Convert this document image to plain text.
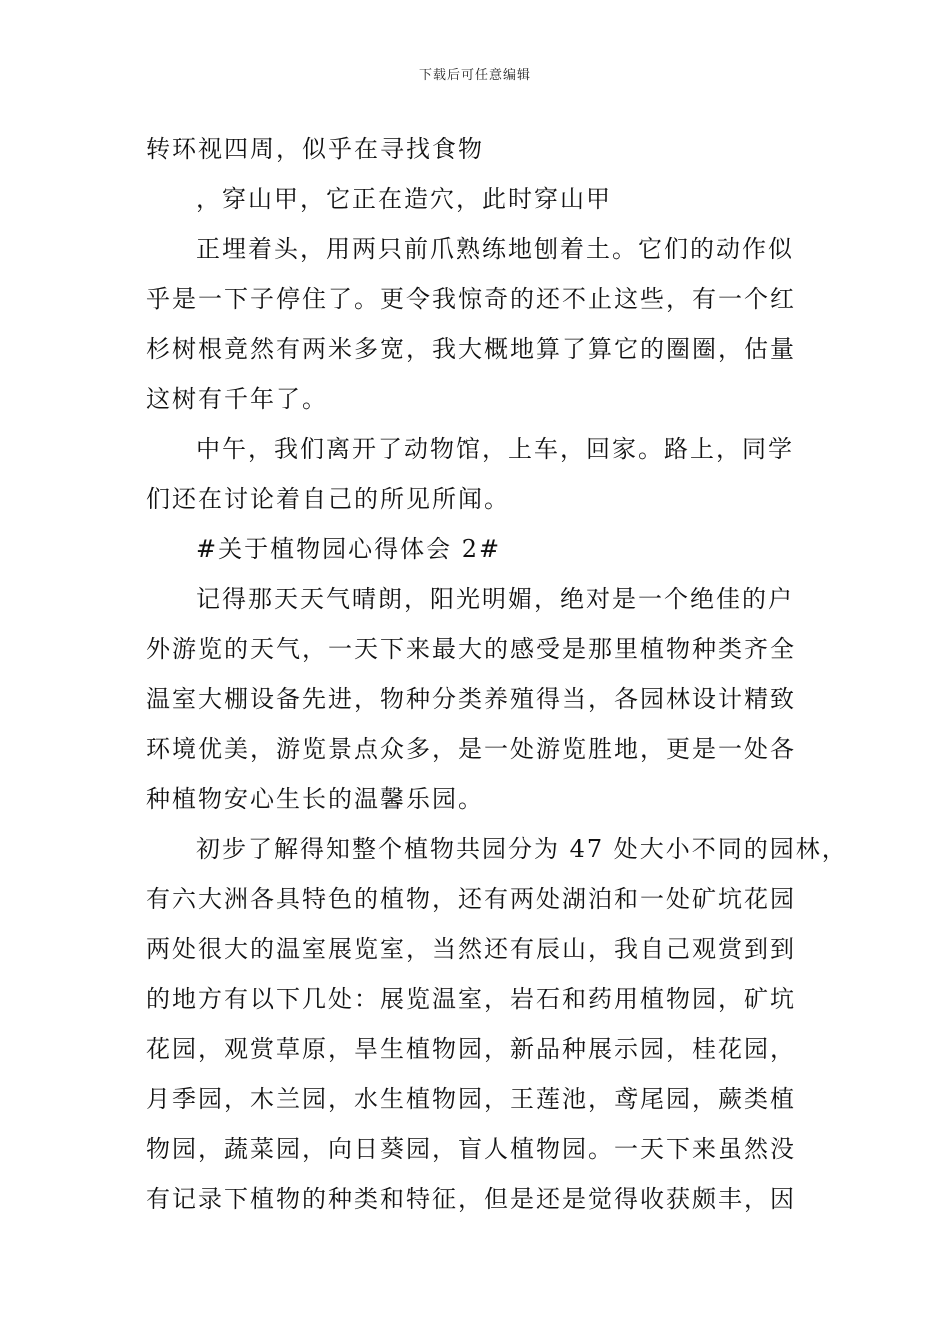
下载后可任意编辑
转环视四周，似乎在寻找食物
，穿山甲，它正在造穴，此时穿山甲
正埋着头，用两只前爪熟练地刨着土。它们的动作似
乎是一下子停住了。更令我惊奇的还不止这些，有一个红
杉树根竟然有两米多宽，我大概地算了算它的圈圈，估量
这树有千年了。
中午，我们离开了动物馆，上车，回家。路上，同学
们还在讨论着自己的所见所闻。
#关于植物园心得体会 2#
记得那天天气晴朗，阳光明媚，绝对是一个绝佳的户
外游览的天气，一天下来最大的感受是那里植物种类齐全
温室大棚设备先进，物种分类养殖得当，各园林设计精致
环境优美，游览景点众多，是一处游览胜地，更是一处各
种植物安心生长的温馨乐园。
初步了解得知整个植物共园分为 47 处大小不同的园林，
有六大洲各具特色的植物，还有两处湖泊和一处矿坑花园
两处很大的温室展览室，当然还有辰山，我自己观赏到到
的地方有以下几处：展览温室，岩石和药用植物园，矿坑
花园，观赏草原，旱生植物园，新品种展示园，桂花园，
月季园，木兰园，水生植物园，王莲池，鸢尾园，蕨类植
物园，蔬菜园，向日葵园，盲人植物园。一天下来虽然没
有记录下植物的种类和特征，但是还是觉得收获颇丰，因
